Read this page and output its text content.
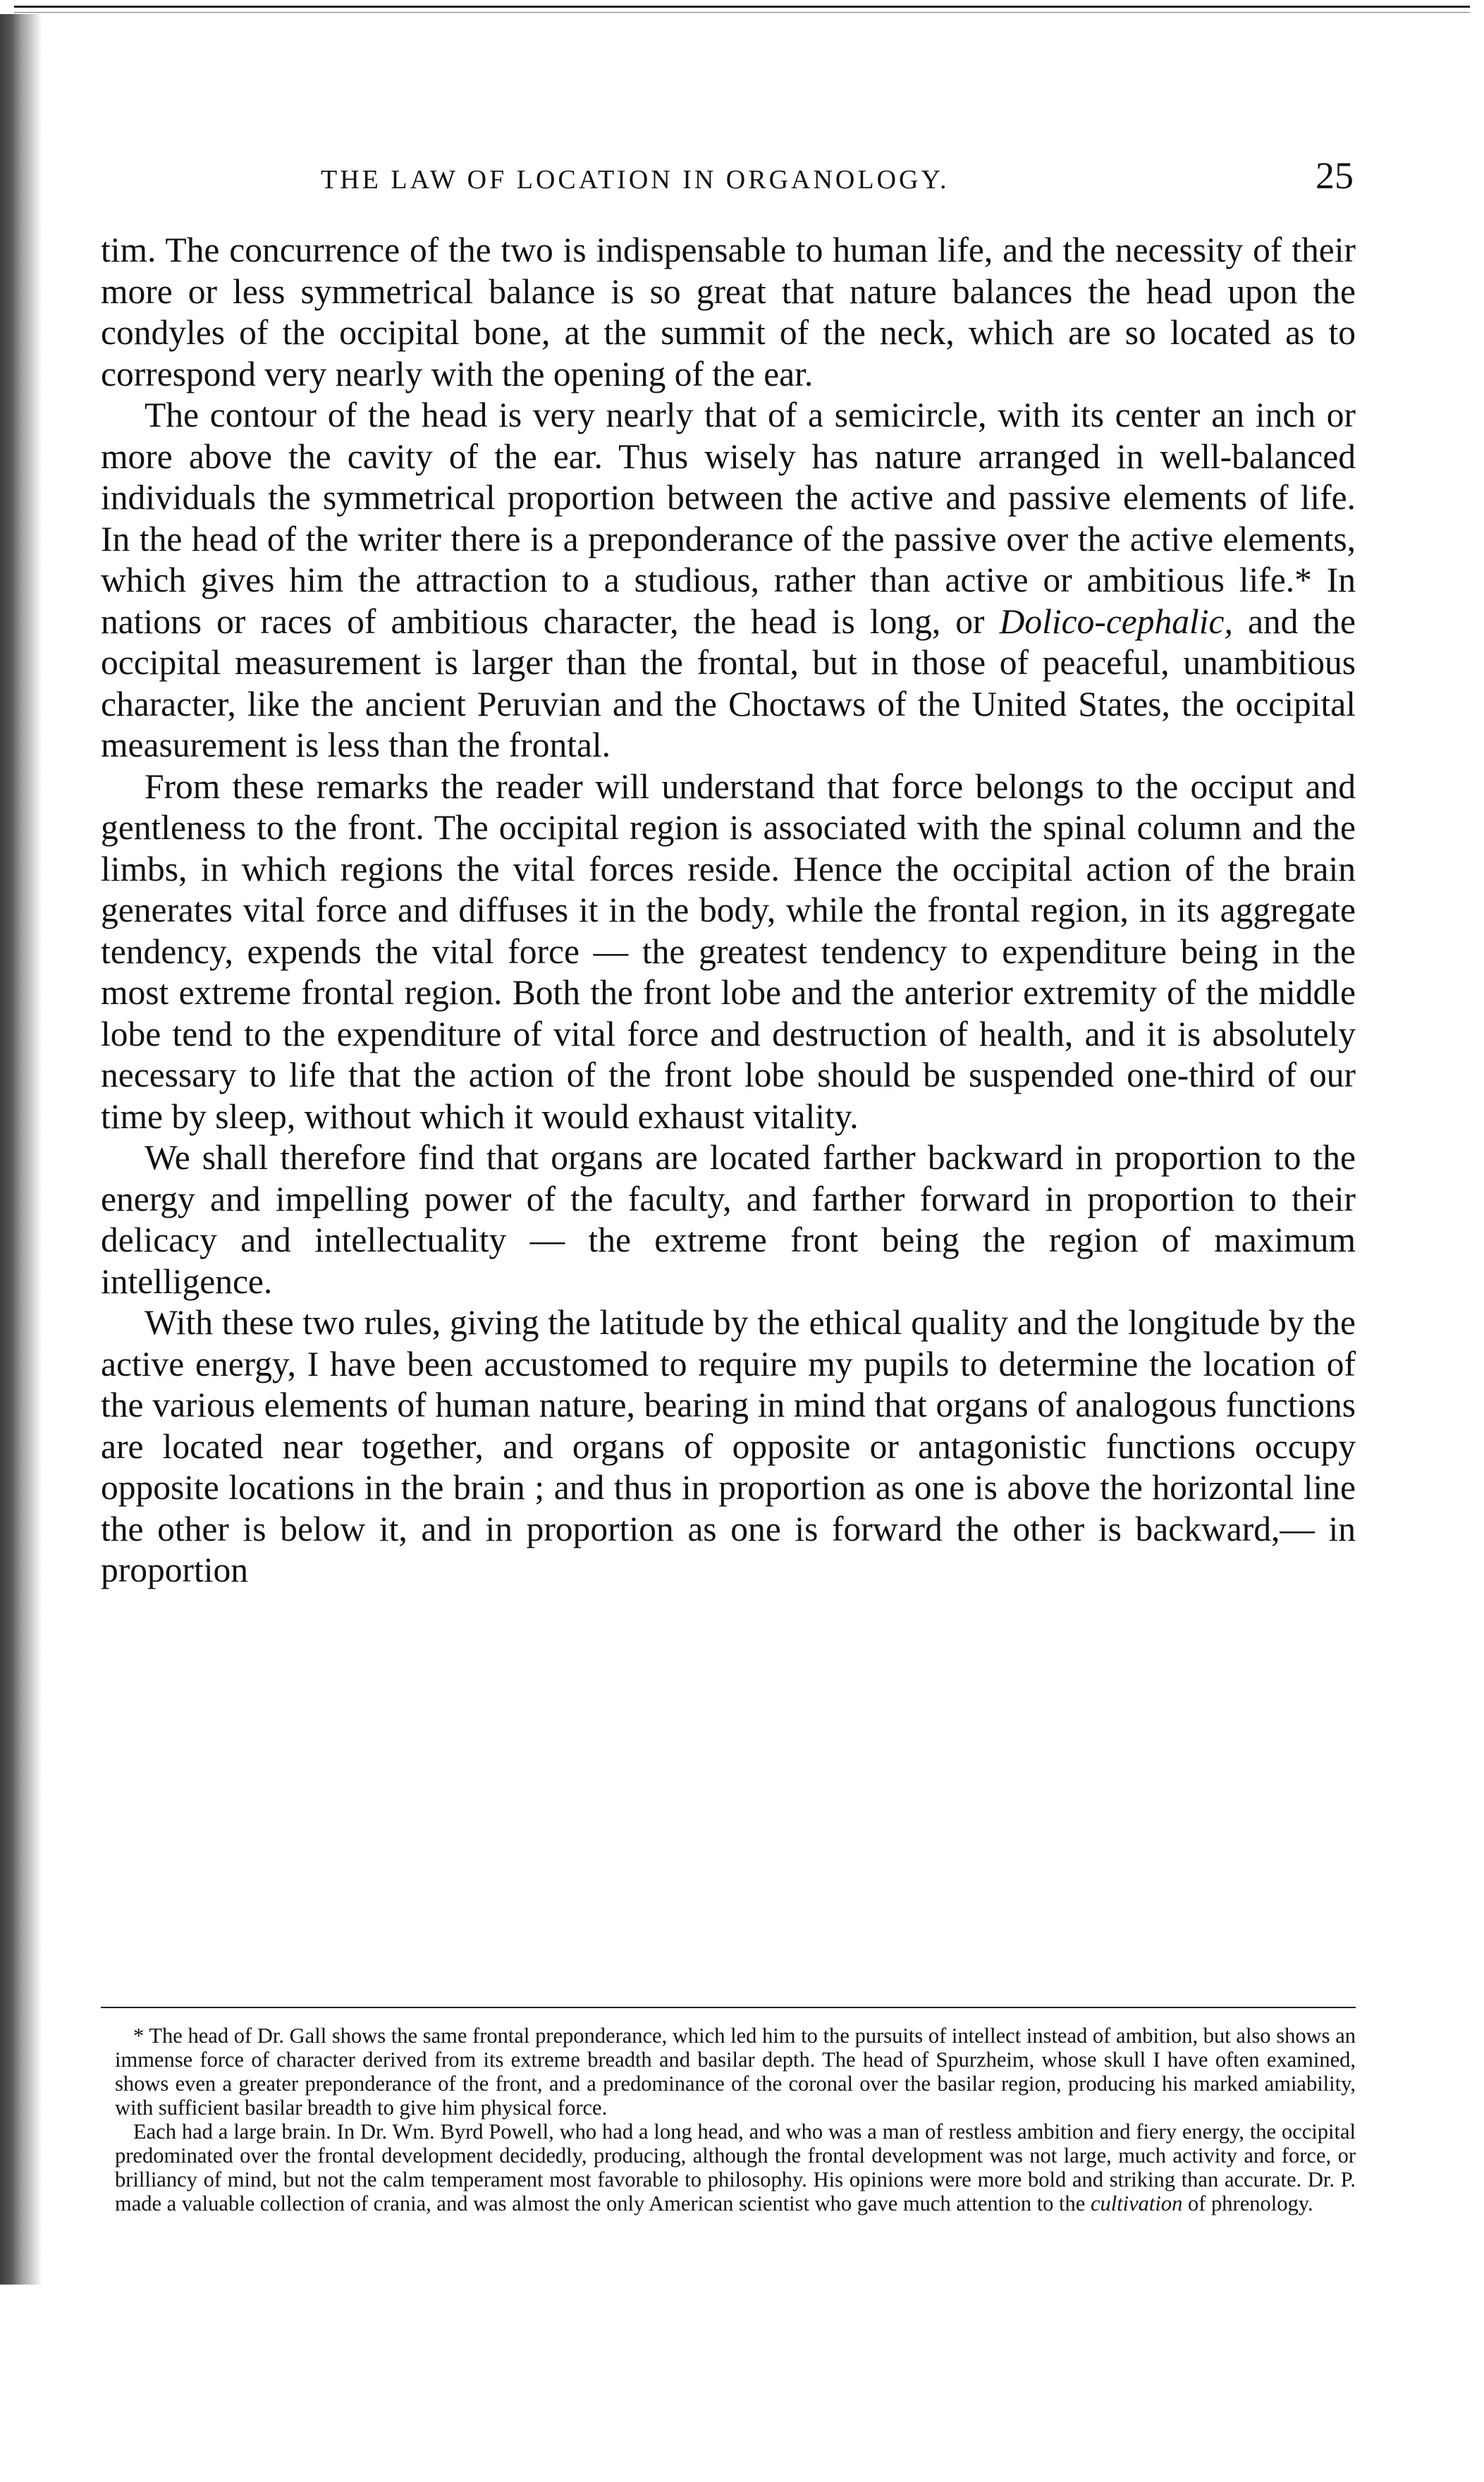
THE LAW OF LOCATION IN ORGANOLOGY.	25

tim. The concurrence of the two is indispensable to human life, and the necessity of their more or less symmetrical balance is so great that nature balances the head upon the condyles of the occipital bone, at the summit of the neck, which are so located as to correspond very nearly with the opening of the ear.

The contour of the head is very nearly that of a semicircle, with its center an inch or more above the cavity of the ear. Thus wisely has nature arranged in well-balanced individuals the symmetrical proportion between the active and passive elements of life. In the head of the writer there is a preponderance of the passive over the active elements, which gives him the attraction to a studious, rather than active or ambitious life.* In nations or races of ambitious character, the head is long, or Dolico-cephalic, and the occipital measurement is larger than the frontal, but in those of peaceful, unambitious character, like the ancient Peruvian and the Choctaws of the United States, the occipital measurement is less than the frontal.

From these remarks the reader will understand that force belongs to the occiput and gentleness to the front. The occipital region is associated with the spinal column and the limbs, in which regions the vital forces reside. Hence the occipital action of the brain generates vital force and diffuses it in the body, while the frontal region, in its aggregate tendency, expends the vital force — the greatest tendency to expenditure being in the most extreme frontal region. Both the front lobe and the anterior extremity of the middle lobe tend to the expenditure of vital force and destruction of health, and it is absolutely necessary to life that the action of the front lobe should be suspended one-third of our time by sleep, without which it would exhaust vitality.

We shall therefore find that organs are located farther backward in proportion to the energy and impelling power of the faculty, and farther forward in proportion to their delicacy and intellectuality — the extreme front being the region of maximum intelligence.

With these two rules, giving the latitude by the ethical quality and the longitude by the active energy, I have been accustomed to require my pupils to determine the location of the various elements of human nature, bearing in mind that organs of analogous functions are located near together, and organs of opposite or antagonistic functions occupy opposite locations in the brain ; and thus in proportion as one is above the horizontal line the other is below it, and in proportion as one is forward the other is backward,— in proportion

* The head of Dr. Gall shows the same frontal preponderance, which led him to the pursuits of intellect instead of ambition, but also shows an immense force of character derived from its extreme breadth and basilar depth. The head of Spurzheim, whose skull I have often examined, shows even a greater preponderance of the front, and a predominance of the coronal over the basilar region, producing his marked amiability, with sufficient basilar breadth to give him physical force.

Each had a large brain. In Dr. Wm. Byrd Powell, who had a long head, and who was a man of restless ambition and fiery energy, the occipital predominated over the frontal development decidedly, producing, although the frontal development was not large, much activity and force, or brilliancy of mind, but not the calm temperament most favorable to philosophy. His opinions were more bold and striking than accurate. Dr. P. made a valuable collection of crania, and was almost the only American scientist who gave much attention to the cultivation of phrenology.
